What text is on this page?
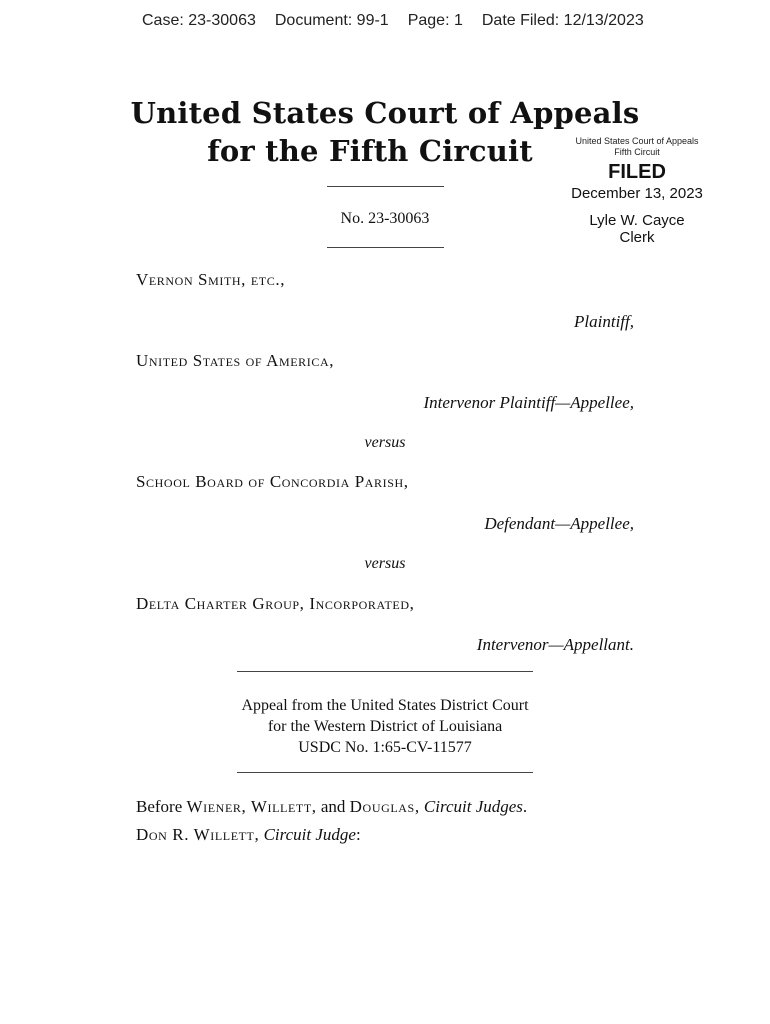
Case: 23-30063 Document: 99-1 Page: 1 Date Filed: 12/13/2023
United States Court of Appeals
for the Fifth Circuit	United States Court of Appeals
Fifth Circuit
FILED
December 13, 2023
Lyle W. Cayce
Clerk
No. 23-30063
Vernon Smith, etc.,
Plaintiff,
United States of America,
Intervenor Plaintiff—Appellee,
versus
School Board of Concordia Parish,
Defendant—Appellee,
versus
Delta Charter Group, Incorporated,
Intervenor—Appellant.
Appeal from the United States District Court
for the Western District of Louisiana
USDC No. 1:65-CV-11577
Before Wiener, Willett, and Douglas, Circuit Judges.
Don R. Willett, Circuit Judge:
